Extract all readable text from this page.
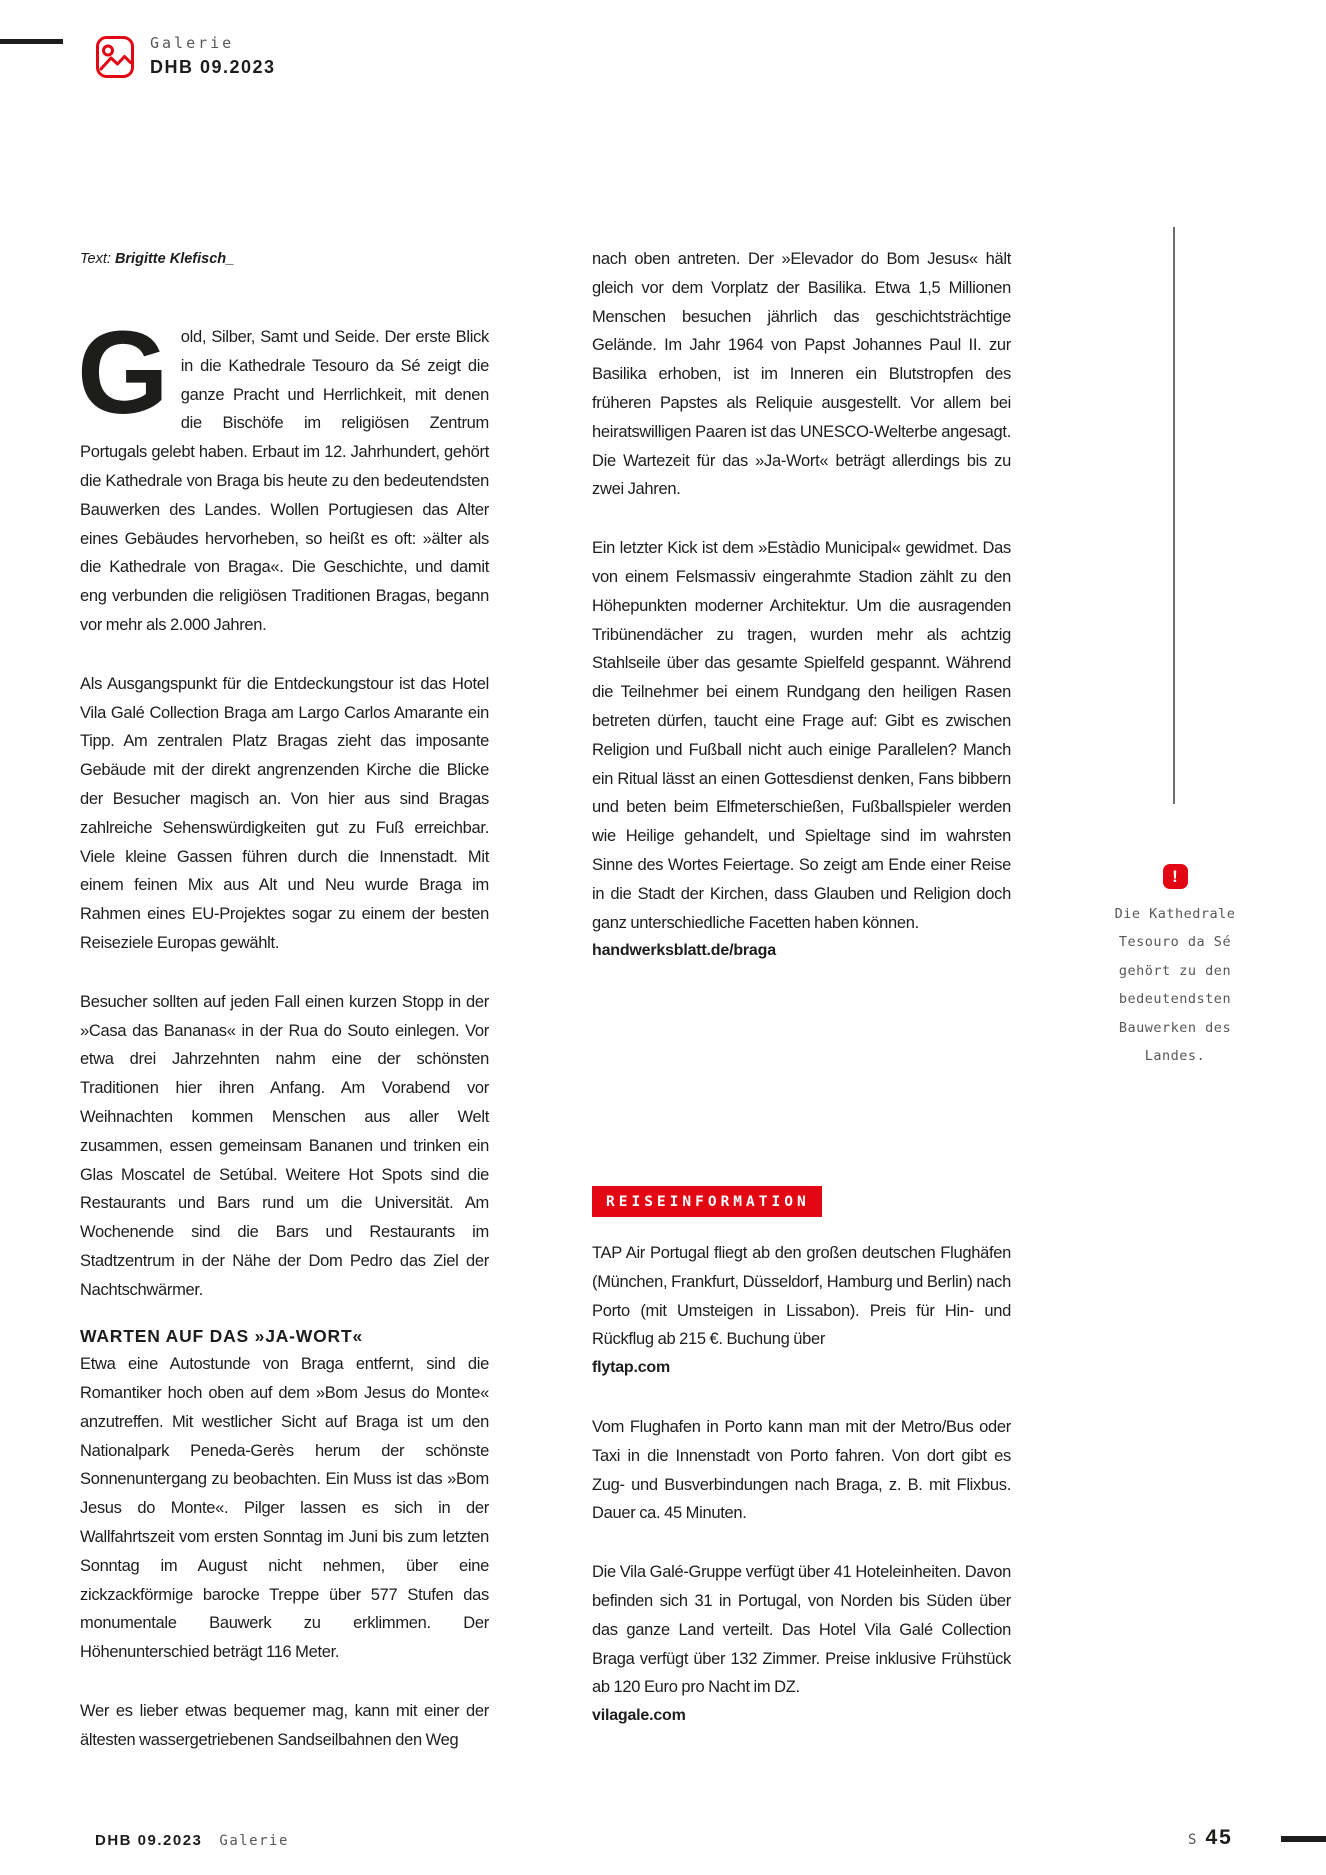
Galerie
DHB 09.2023

Text: Brigitte Klefisch_

Gold, Silber, Samt und Seide. Der erste Blick in die Kathedrale Tesouro da Sé zeigt die ganze Pracht und Herrlichkeit, mit denen die Bischöfe im religiösen Zentrum Portugals gelebt haben. Erbaut im 12. Jahrhundert, gehört die Kathedrale von Braga bis heute zu den bedeutendsten Bauwerken des Landes. Wollen Portugiesen das Alter eines Gebäudes hervorheben, so heißt es oft: »älter als die Kathedrale von Braga«. Die Geschichte, und damit eng verbunden die religiösen Traditionen Bragas, begann vor mehr als 2.000 Jahren.

Als Ausgangspunkt für die Entdeckungstour ist das Hotel Vila Galé Collection Braga am Largo Carlos Amarante ein Tipp. Am zentralen Platz Bragas zieht das imposante Gebäude mit der direkt angrenzenden Kirche die Blicke der Besucher magisch an. Von hier aus sind Bragas zahlreiche Sehenswürdigkeiten gut zu Fuß erreichbar. Viele kleine Gassen führen durch die Innenstadt. Mit einem feinen Mix aus Alt und Neu wurde Braga im Rahmen eines EU-Projektes sogar zu einem der besten Reiseziele Europas gewählt.

Besucher sollten auf jeden Fall einen kurzen Stopp in der »Casa das Bananas« in der Rua do Souto einlegen. Vor etwa drei Jahrzehnten nahm eine der schönsten Traditionen hier ihren Anfang. Am Vorabend vor Weihnachten kommen Menschen aus aller Welt zusammen, essen gemeinsam Bananen und trinken ein Glas Moscatel de Setúbal. Weitere Hot Spots sind die Restaurants und Bars rund um die Universität. Am Wochenende sind die Bars und Restaurants im Stadtzentrum in der Nähe der Dom Pedro das Ziel der Nachtschwärmer.

WARTEN AUF DAS »JA-WORT«

Etwa eine Autostunde von Braga entfernt, sind die Romantiker hoch oben auf dem »Bom Jesus do Monte« anzutreffen. Mit westlicher Sicht auf Braga ist um den Nationalpark Peneda-Gerès herum der schönste Sonnenuntergang zu beobachten. Ein Muss ist das »Bom Jesus do Monte«. Pilger lassen es sich in der Wallfahrtszeit vom ersten Sonntag im Juni bis zum letzten Sonntag im August nicht nehmen, über eine zickzackförmige barocke Treppe über 577 Stufen das monumentale Bauwerk zu erklimmen. Der Höhenunterschied beträgt 116 Meter.

Wer es lieber etwas bequemer mag, kann mit einer der ältesten wassergetriebenen Sandseilbahnen den Weg

nach oben antreten. Der »Elevador do Bom Jesus« hält gleich vor dem Vorplatz der Basilika. Etwa 1,5 Millionen Menschen besuchen jährlich das geschichtsträchtige Gelände. Im Jahr 1964 von Papst Johannes Paul II. zur Basilika erhoben, ist im Inneren ein Blutstropfen des früheren Papstes als Reliquie ausgestellt. Vor allem bei heiratswilligen Paaren ist das UNESCO-Welterbe angesagt. Die Wartezeit für das »Ja-Wort« beträgt allerdings bis zu zwei Jahren.

Ein letzter Kick ist dem »Estàdio Municipal« gewidmet. Das von einem Felsmassiv eingerahmte Stadion zählt zu den Höhepunkten moderner Architektur. Um die ausragenden Tribünendächer zu tragen, wurden mehr als achtzig Stahlseile über das gesamte Spielfeld gespannt. Während die Teilnehmer bei einem Rundgang den heiligen Rasen betreten dürfen, taucht eine Frage auf: Gibt es zwischen Religion und Fußball nicht auch einige Parallelen? Manch ein Ritual lässt an einen Gottesdienst denken, Fans bibbern und beten beim Elfmeterschießen, Fußballspieler werden wie Heilige gehandelt, und Spieltage sind im wahrsten Sinne des Wortes Feiertage. So zeigt am Ende einer Reise in die Stadt der Kirchen, dass Glauben und Religion doch ganz unterschiedliche Facetten haben können.

handwerksblatt.de/braga
REISEINFORMATION

TAP Air Portugal fliegt ab den großen deutschen Flughäfen (München, Frankfurt, Düsseldorf, Hamburg und Berlin) nach Porto (mit Umsteigen in Lissabon). Preis für Hin- und Rückflug ab 215 €. Buchung über

flytap.com

Vom Flughafen in Porto kann man mit der Metro/Bus oder Taxi in die Innenstadt von Porto fahren. Von dort gibt es Zug- und Busverbindungen nach Braga, z. B. mit Flixbus. Dauer ca. 45 Minuten.

Die Vila Galé-Gruppe verfügt über 41 Hoteleinheiten. Davon befinden sich 31 in Portugal, von Norden bis Süden über das ganze Land verteilt. Das Hotel Vila Galé Collection Braga verfügt über 132 Zimmer. Preise inklusive Frühstück ab 120 Euro pro Nacht im DZ.

vilagale.com
!
Die Kathedrale Tesouro da Sé gehört zu den bedeutendsten Bauwerken des Landes.
DHB 09.2023 Galerie	S 45
